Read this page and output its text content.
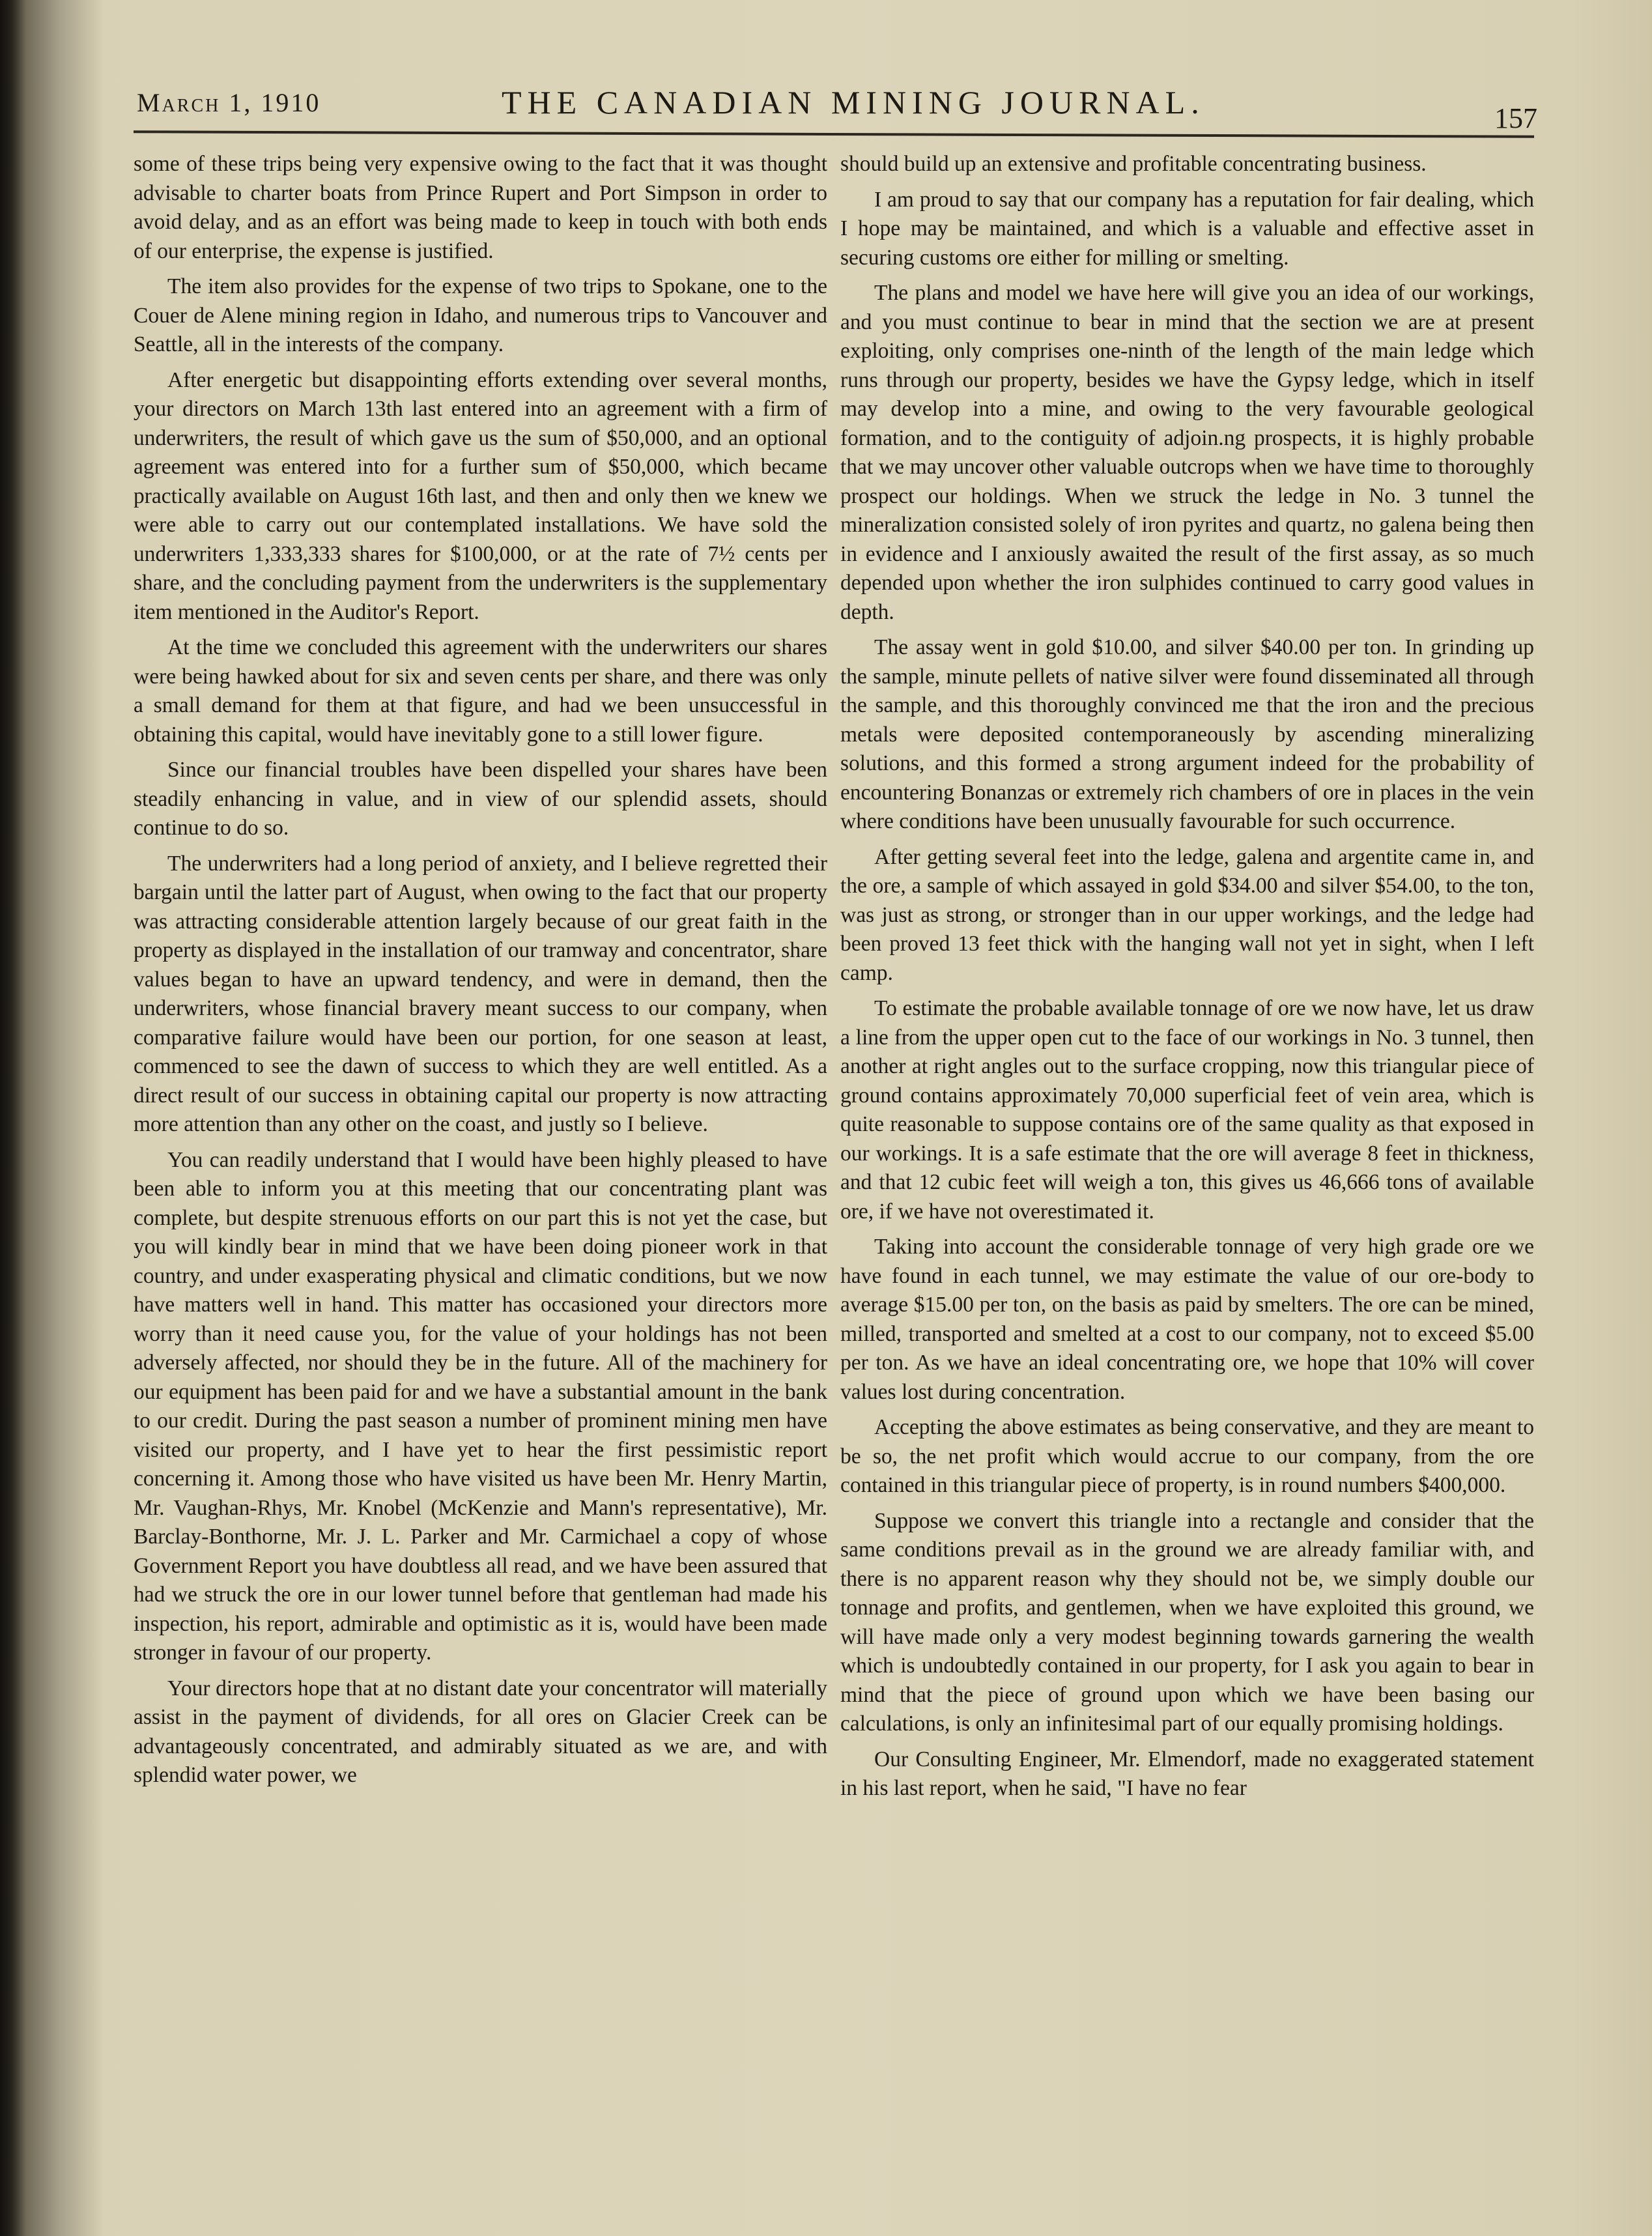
March 1, 1910	THE CANADIAN MINING JOURNAL.	157

some of these trips being very expensive owing to the fact that it was thought advisable to charter boats from Prince Rupert and Port Simpson in order to avoid delay, and as an effort was being made to keep in touch with both ends of our enterprise, the expense is justified.

The item also provides for the expense of two trips to Spokane, one to the Couer de Alene mining region in Idaho, and numerous trips to Vancouver and Seattle, all in the interests of the company.

After energetic but disappointing efforts extending over several months, your directors on March 13th last entered into an agreement with a firm of underwriters, the result of which gave us the sum of $50,000, and an optional agreement was entered into for a further sum of $50,000, which became practically available on August 16th last, and then and only then we knew we were able to carry out our contemplated installations. We have sold the underwriters 1,333,333 shares for $100,000, or at the rate of 7½ cents per share, and the concluding payment from the underwriters is the supplementary item mentioned in the Auditor's Report.

At the time we concluded this agreement with the underwriters our shares were being hawked about for six and seven cents per share, and there was only a small demand for them at that figure, and had we been unsuccessful in obtaining this capital, would have inevitably gone to a still lower figure.

Since our financial troubles have been dispelled your shares have been steadily enhancing in value, and in view of our splendid assets, should continue to do so.

The underwriters had a long period of anxiety, and I believe regretted their bargain until the latter part of August, when owing to the fact that our property was attracting considerable attention largely because of our great faith in the property as displayed in the installation of our tramway and concentrator, share values began to have an upward tendency, and were in demand, then the underwriters, whose financial bravery meant success to our company, when comparative failure would have been our portion, for one season at least, commenced to see the dawn of success to which they are well entitled. As a direct result of our success in obtaining capital our property is now attracting more attention than any other on the coast, and justly so I believe.

You can readily understand that I would have been highly pleased to have been able to inform you at this meeting that our concentrating plant was complete, but despite strenuous efforts on our part this is not yet the case, but you will kindly bear in mind that we have been doing pioneer work in that country, and under exasperating physical and climatic conditions, but we now have matters well in hand. This matter has occasioned your directors more worry than it need cause you, for the value of your holdings has not been adversely affected, nor should they be in the future. All of the machinery for our equipment has been paid for and we have a substantial amount in the bank to our credit. During the past season a number of prominent mining men have visited our property, and I have yet to hear the first pessimistic report concerning it. Among those who have visited us have been Mr. Henry Martin, Mr. Vaughan-Rhys, Mr. Knobel (McKenzie and Mann's representative), Mr. Barclay-Bonthorne, Mr. J. L. Parker and Mr. Carmichael a copy of whose Government Report you have doubtless all read, and we have been assured that had we struck the ore in our lower tunnel before that gentleman had made his inspection, his report, admirable and optimistic as it is, would have been made stronger in favour of our property.

Your directors hope that at no distant date your concentrator will materially assist in the payment of dividends, for all ores on Glacier Creek can be advantageously concentrated, and admirably situated as we are, and with splendid water power, we

should build up an extensive and profitable concentrating business.

I am proud to say that our company has a reputation for fair dealing, which I hope may be maintained, and which is a valuable and effective asset in securing customs ore either for milling or smelting.

The plans and model we have here will give you an idea of our workings, and you must continue to bear in mind that the section we are at present exploiting, only comprises one-ninth of the length of the main ledge which runs through our property, besides we have the Gypsy ledge, which in itself may develop into a mine, and owing to the very favourable geological formation, and to the contiguity of adjoin.ng prospects, it is highly probable that we may uncover other valuable outcrops when we have time to thoroughly prospect our holdings. When we struck the ledge in No. 3 tunnel the mineralization consisted solely of iron pyrites and quartz, no galena being then in evidence and I anxiously awaited the result of the first assay, as so much depended upon whether the iron sulphides continued to carry good values in depth.

The assay went in gold $10.00, and silver $40.00 per ton. In grinding up the sample, minute pellets of native silver were found disseminated all through the sample, and this thoroughly convinced me that the iron and the precious metals were deposited contemporaneously by ascending mineralizing solutions, and this formed a strong argument indeed for the probability of encountering Bonanzas or extremely rich chambers of ore in places in the vein where conditions have been unusually favourable for such occurrence.

After getting several feet into the ledge, galena and argentite came in, and the ore, a sample of which assayed in gold $34.00 and silver $54.00, to the ton, was just as strong, or stronger than in our upper workings, and the ledge had been proved 13 feet thick with the hanging wall not yet in sight, when I left camp.

To estimate the probable available tonnage of ore we now have, let us draw a line from the upper open cut to the face of our workings in No. 3 tunnel, then another at right angles out to the surface cropping, now this triangular piece of ground contains approximately 70,000 superficial feet of vein area, which is quite reasonable to suppose contains ore of the same quality as that exposed in our workings. It is a safe estimate that the ore will average 8 feet in thickness, and that 12 cubic feet will weigh a ton, this gives us 46,666 tons of available ore, if we have not overestimated it.

Taking into account the considerable tonnage of very high grade ore we have found in each tunnel, we may estimate the value of our ore-body to average $15.00 per ton, on the basis as paid by smelters. The ore can be mined, milled, transported and smelted at a cost to our company, not to exceed $5.00 per ton. As we have an ideal concentrating ore, we hope that 10% will cover values lost during concentration.

Accepting the above estimates as being conservative, and they are meant to be so, the net profit which would accrue to our company, from the ore contained in this triangular piece of property, is in round numbers $400,000.

Suppose we convert this triangle into a rectangle and consider that the same conditions prevail as in the ground we are already familiar with, and there is no apparent reason why they should not be, we simply double our tonnage and profits, and gentlemen, when we have exploited this ground, we will have made only a very modest beginning towards garnering the wealth which is undoubtedly contained in our property, for I ask you again to bear in mind that the piece of ground upon which we have been basing our calculations, is only an infinitesimal part of our equally promising holdings.

Our Consulting Engineer, Mr. Elmendorf, made no exaggerated statement in his last report, when he said, "I have no fear
